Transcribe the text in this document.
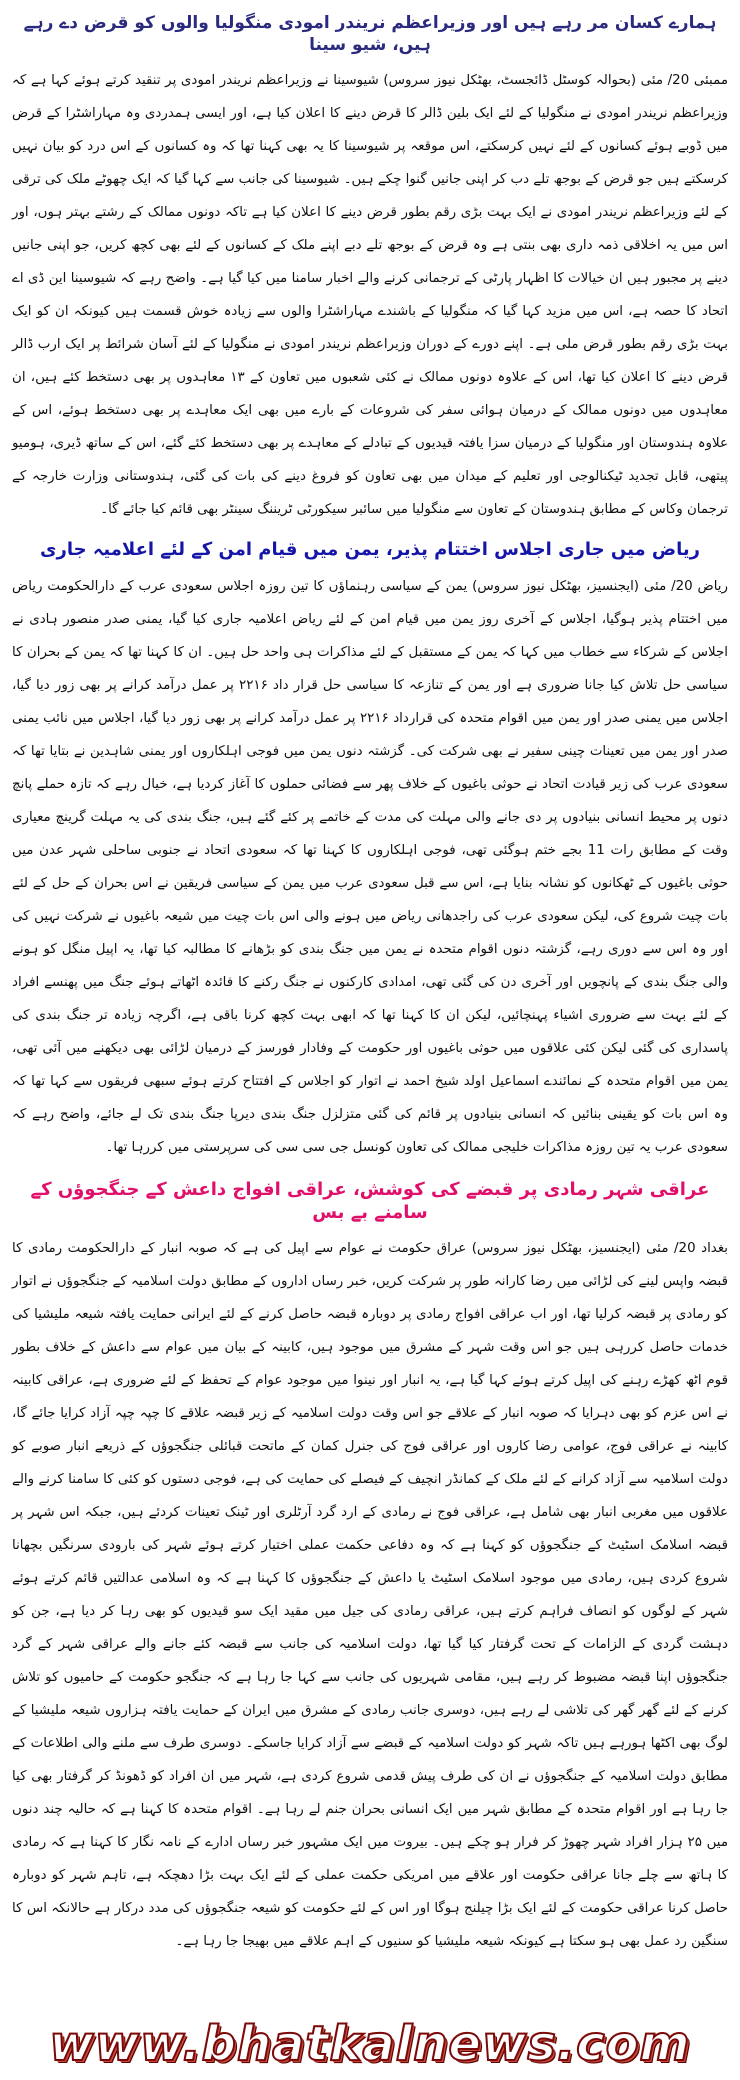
ہمارے کسان مر رہے ہیں اور وزیراعظم نریندر امودی منگولیا والوں کو قرض دے رہے ہیں، شیو سینا

ممبئی 20/ مئی (بحوالہ کوسٹل ڈائجسٹ، بھٹکل نیوز سروس) شیوسینا نے وزیراعظم نریندر امودی پر تنقید کرتے ہوئے کہا ہے کہ وزیراعظم نریندر امودی نے منگولیا کے لئے ایک بلین ڈالر کا قرض دینے کا اعلان کیا ہے، اور ایسی ہمدردی وہ مہاراشٹرا کے قرض میں ڈوبے ہوئے کسانوں کے لئے نہیں کرسکتے، اس موقعہ پر شیوسینا کا یہ بھی کہنا تھا کہ وہ کسانوں کے اس درد کو بیان نہیں کرسکتے ہیں جو قرض کے بوجھ تلے دب کر اپنی جانیں گنوا چکے ہیں۔ شیوسینا کی جانب سے کہا گیا کہ ایک چھوٹے ملک کی ترقی کے لئے وزیراعظم نریندر امودی نے ایک بہت بڑی رقم بطور قرض دینے کا اعلان کیا ہے تاکہ دونوں ممالک کے رشتے بہتر ہوں، اور اس میں یہ اخلاقی ذمہ داری بھی بنتی ہے وہ قرض کے بوجھ تلے دبے اپنے ملک کے کسانوں کے لئے بھی کچھ کریں، جو اپنی جانیں دینے پر مجبور ہیں ان خیالات کا اظہار پارٹی کے ترجمانی کرنے والے اخبار سامنا میں کیا گیا ہے۔ واضح رہے کہ شیوسینا این ڈی اے اتحاد کا حصہ ہے، اس میں مزید کہا گیا کہ منگولیا کے باشندے مہاراشٹرا والوں سے زیادہ خوش قسمت ہیں کیونکہ ان کو ایک بہت بڑی رقم بطور قرض ملی ہے۔ اپنے دورے کے دوران وزیراعظم نریندر امودی نے منگولیا کے لئے آسان شرائط پر ایک ارب ڈالر قرض دینے کا اعلان کیا تھا، اس کے علاوہ دونوں ممالک نے کئی شعبوں میں تعاون کے ۱۳ معاہدوں پر بھی دستخط کئے ہیں، ان معاہدوں میں دونوں ممالک کے درمیان ہوائی سفر کی شروعات کے بارے میں بھی ایک معاہدے پر بھی دستخط ہوئے، اس کے علاوہ ہندوستان اور منگولیا کے درمیان سزا یافتہ قیدیوں کے تبادلے کے معاہدے پر بھی دستخط کئے گئے، اس کے ساتھ ڈیری، ہومیو پیتھی، قابل تجدید ٹیکنالوجی اور تعلیم کے میدان میں بھی تعاون کو فروغ دینے کی بات کی گئی، ہندوستانی وزارت خارجہ کے ترجمان وکاس کے مطابق ہندوستان کے تعاون سے منگولیا میں سائبر سیکورٹی ٹریننگ سینٹر بھی قائم کیا جائے گا۔

ریاض میں جاری اجلاس اختتام پذیر، یمن میں قیام امن کے لئے اعلامیہ جاری

ریاض 20/ مئی (ایجنسیز، بھٹکل نیوز سروس) یمن کے سیاسی رہنماؤں کا تین روزہ اجلاس سعودی عرب کے دارالحکومت ریاض میں اختتام پذیر ہوگیا، اجلاس کے آخری روز یمن میں قیام امن کے لئے ریاض اعلامیہ جاری کیا گیا، یمنی صدر منصور ہادی نے اجلاس کے شرکاء سے خطاب میں کہا کہ یمن کے مستقبل کے لئے مذاکرات ہی واحد حل ہیں۔ ان کا کہنا تھا کہ یمن کے بحران کا سیاسی حل تلاش کیا جانا ضروری ہے اور یمن کے تنازعہ کا سیاسی حل قرار داد ۲۲۱۶ پر عمل درآمد کرانے پر بھی زور دیا گیا، اجلاس میں یمنی صدر اور یمن میں اقوام متحدہ کی قرارداد ۲۲۱۶ پر عمل درآمد کرانے پر بھی زور دیا گیا، اجلاس میں نائب یمنی صدر اور یمن میں تعینات چینی سفیر نے بھی شرکت کی۔ گزشتہ دنوں یمن میں فوجی اہلکاروں اور یمنی شاہدین نے بتایا تھا کہ سعودی عرب کی زیر قیادت اتحاد نے حوثی باغیوں کے خلاف پھر سے فضائی حملوں کا آغاز کردیا ہے، خیال رہے کہ تازہ حملے پانچ دنوں پر محیط انسانی بنیادوں پر دی جانے والی مہلت کی مدت کے خاتمے پر کئے گئے ہیں، جنگ بندی کی یہ مہلت گرینچ معیاری وقت کے مطابق رات 11 بجے ختم ہوگئی تھی، فوجی اہلکاروں کا کہنا تھا کہ سعودی اتحاد نے جنوبی ساحلی شہر عدن میں حوثی باغیوں کے ٹھکانوں کو نشانہ بنایا ہے، اس سے قبل سعودی عرب میں یمن کے سیاسی فریقین نے اس بحران کے حل کے لئے بات چیت شروع کی، لیکن سعودی عرب کی راجدھانی ریاض میں ہونے والی اس بات چیت میں شیعہ باغیوں نے شرکت نہیں کی اور وہ اس سے دوری رہے، گزشتہ دنوں اقوام متحدہ نے یمن میں جنگ بندی کو بڑھانے کا مطالبہ کیا تھا، یہ اپیل منگل کو ہونے والی جنگ بندی کے پانچویں اور آخری دن کی گئی تھی، امدادی کارکنوں نے جنگ رکنے کا فائدہ اٹھاتے ہوئے جنگ میں پھنسے افراد کے لئے بہت سے ضروری اشیاء پہنچائیں، لیکن ان کا کہنا تھا کہ ابھی بہت کچھ کرنا باقی ہے، اگرچہ زیادہ تر جنگ بندی کی پاسداری کی گئی لیکن کئی علاقوں میں حوثی باغیوں اور حکومت کے وفادار فورسز کے درمیان لڑائی بھی دیکھنے میں آئی تھی، یمن میں اقوام متحدہ کے نمائندے اسماعیل اولد شیخ احمد نے اتوار کو اجلاس کے افتتاح کرتے ہوئے سبھی فریقوں سے کہا تھا کہ وہ اس بات کو یقینی بنائیں کہ انسانی بنیادوں پر قائم کی گئی متزلزل جنگ بندی دیرپا جنگ بندی تک لے جائے، واضح رہے کہ سعودی عرب یہ تین روزہ مذاکرات خلیجی ممالک کی تعاون کونسل جی سی سی کی سرپرستی میں کررہا تھا۔

عراقی شہر رمادی پر قبضے کی کوشش، عراقی افواج داعش کے جنگجوؤں کے سامنے بے بس

بغداد 20/ مئی (ایجنسیز، بھٹکل نیوز سروس) عراق حکومت نے عوام سے اپیل کی ہے کہ صوبہ انبار کے دارالحکومت رمادی کا قبضہ واپس لینے کی لڑائی میں رضا کارانہ طور پر شرکت کریں، خبر رساں اداروں کے مطابق دولت اسلامیہ کے جنگجوؤں نے اتوار کو رمادی پر قبضہ کرلیا تھا، اور اب عراقی افواج رمادی پر دوبارہ قبضہ حاصل کرنے کے لئے ایرانی حمایت یافتہ شیعہ ملیشیا کی خدمات حاصل کررہی ہیں جو اس وقت شہر کے مشرق میں موجود ہیں، کابینہ کے بیان میں عوام سے داعش کے خلاف بطور قوم اٹھ کھڑے رہنے کی اپیل کرتے ہوئے کہا گیا ہے، یہ انبار اور نینوا میں موجود عوام کے تحفظ کے لئے ضروری ہے، عراقی کابینہ نے اس عزم کو بھی دہرایا کہ صوبہ انبار کے علاقے جو اس وقت دولت اسلامیہ کے زیر قبضہ علاقے کا چپہ چپہ آزاد کرایا جائے گا، کابینہ نے عراقی فوج، عوامی رضا کاروں اور عراقی فوج کی جنرل کمان کے ماتحت قبائلی جنگجوؤں کے ذریعے انبار صوبے کو دولت اسلامیہ سے آزاد کرانے کے لئے ملک کے کمانڈر انچیف کے فیصلے کی حمایت کی ہے، فوجی دستوں کو کئی کا سامنا کرنے والے علاقوں میں مغربی انبار بھی شامل ہے، عراقی فوج نے رمادی کے ارد گرد آرٹلری اور ٹینک تعینات کردئے ہیں، جبکہ اس شہر پر قبضہ اسلامک اسٹیٹ کے جنگجوؤں کو کہنا ہے کہ وہ دفاعی حکمت عملی اختیار کرتے ہوئے شہر کی بارودی سرنگیں بچھانا شروع کردی ہیں، رمادی میں موجود اسلامک اسٹیٹ یا داعش کے جنگجوؤں کا کہنا ہے کہ وہ اسلامی عدالتیں قائم کرتے ہوئے شہر کے لوگوں کو انصاف فراہم کرتے ہیں، عراقی رمادی کی جیل میں مقید ایک سو قیدیوں کو بھی رہا کر دیا ہے، جن کو دہشت گردی کے الزامات کے تحت گرفتار کیا گیا تھا، دولت اسلامیہ کی جانب سے قبضہ کئے جانے والے عراقی شہر کے گرد جنگجوؤں اپنا قبضہ مضبوط کر رہے ہیں، مقامی شہریوں کی جانب سے کہا جا رہا ہے کہ جنگجو حکومت کے حامیوں کو تلاش کرنے کے لئے گھر گھر کی تلاشی لے رہے ہیں، دوسری جانب رمادی کے مشرق میں ایران کے حمایت یافتہ ہزاروں شیعہ ملیشیا کے لوگ بھی اکٹھا ہورہے ہیں تاکہ شہر کو دولت اسلامیہ کے قبضے سے آزاد کرایا جاسکے۔ دوسری طرف سے ملنے والی اطلاعات کے مطابق دولت اسلامیہ کے جنگجوؤں نے ان کی طرف پیش قدمی شروع کردی ہے، شہر میں ان افراد کو ڈھونڈ کر گرفتار بھی کیا جا رہا ہے اور اقوام متحدہ کے مطابق شہر میں ایک انسانی بحران جنم لے رہا ہے۔ اقوام متحدہ کا کہنا ہے کہ حالیہ چند دنوں میں ۲۵ ہزار افراد شہر چھوڑ کر فرار ہو چکے ہیں۔ بیروت میں ایک مشہور خبر رساں ادارے کے نامہ نگار کا کہنا ہے کہ رمادی کا ہاتھ سے چلے جانا عراقی حکومت اور علاقے میں امریکی حکمت عملی کے لئے ایک بہت بڑا دھچکہ ہے، تاہم شہر کو دوبارہ حاصل کرنا عراقی حکومت کے لئے ایک بڑا چیلنج ہوگا اور اس کے لئے حکومت کو شیعہ جنگجوؤں کی مدد درکار ہے حالانکہ اس کا سنگین رد عمل بھی ہو سکتا ہے کیونکہ شیعہ ملیشیا کو سنیوں کے اہم علاقے میں بھیجا جا رہا ہے۔

www.bhatkalnews.com
